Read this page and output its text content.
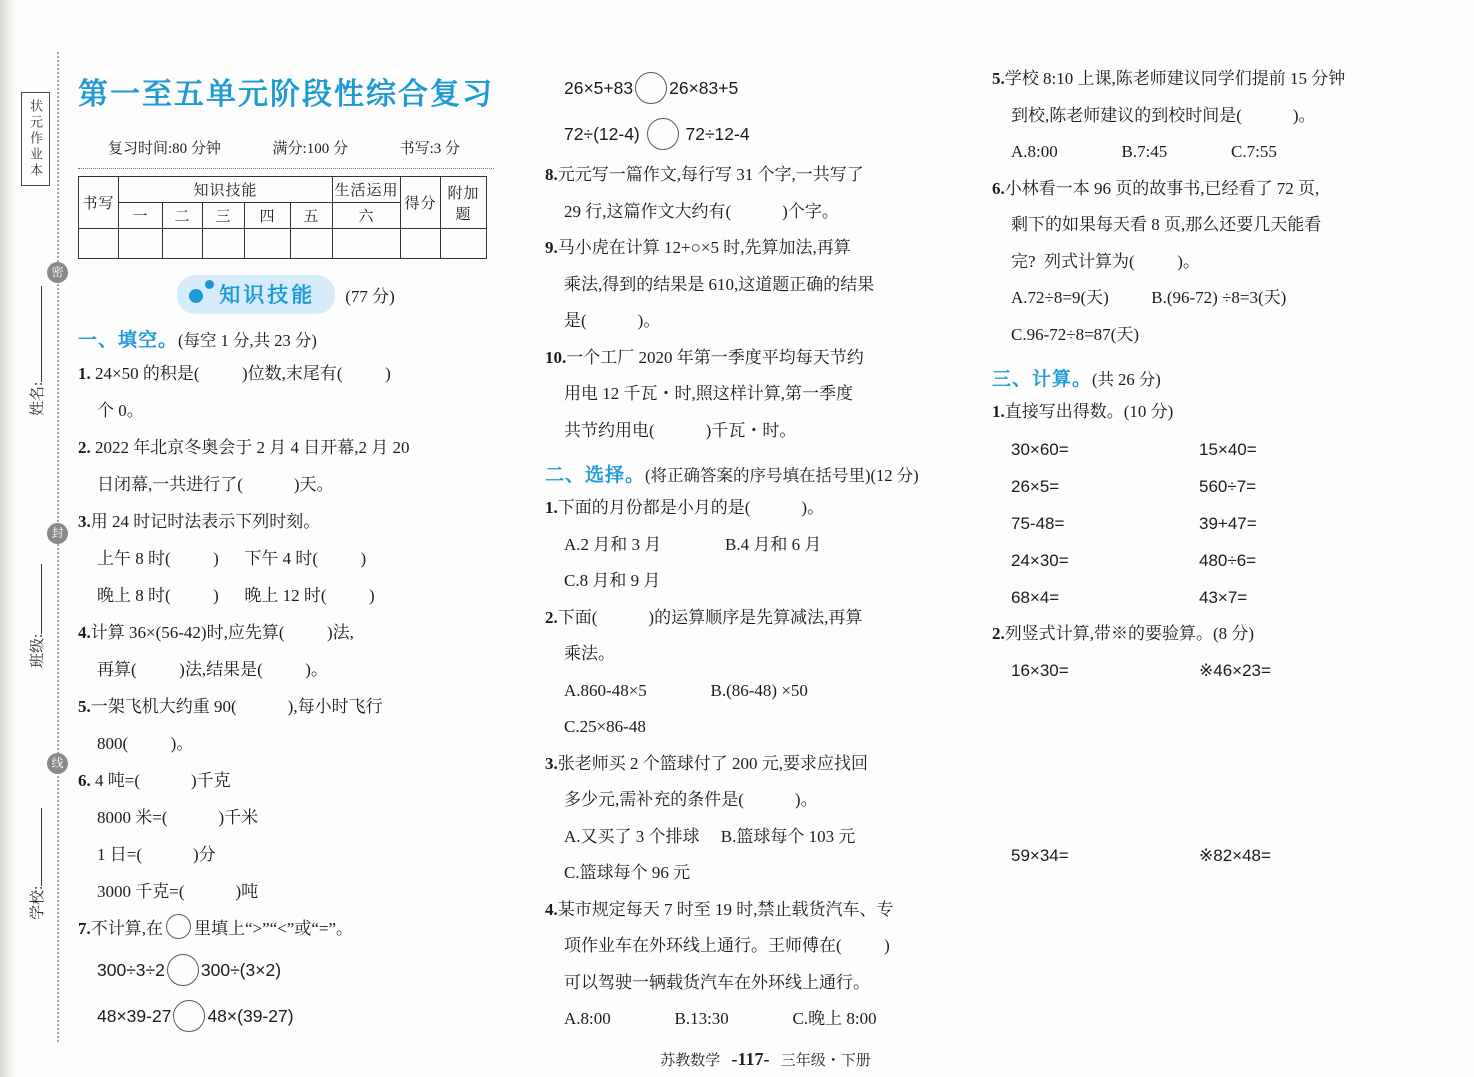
状元作业本
密
封
线
姓名:
班级:
学校:
第一至五单元阶段性综合复习
复习时间:80 分钟	满分:100 分	书写:3 分
书写	知识技能					生活运用	得分	附加题
	一	二	三	四	五	六		

知识技能	(77 分)
一、填空。(每空 1 分,共 23 分)
1. 24×50 的积是(          )位数,末尾有(          )
个 0。
2. 2022 年北京冬奥会于 2 月 4 日开幕,2 月 20
日闭幕,一共进行了(            )天。
3.用 24 时记时法表示下列时刻。
上午 8 时(          )      下午 4 时(          )
晚上 8 时(          )      晚上 12 时(          )
4.计算 36×(56-42)时,应先算(          )法,
再算(          )法,结果是(          )。
5.一架飞机大约重 90(            ),每小时飞行
800(          )。
6. 4 吨=(            )千克
8000 米=(            )千米
1 日=(            )分
3000 千克=(            )吨
7.不计算,在 里填上“>”“<”或“=”。
300÷3÷2 300÷(3×2)
48×39-27 48×(39-27)
26×5+83 26×83+5
72÷(12-4) 72÷12-4
8.元元写一篇作文,每行写 31 个字,一共写了
29 行,这篇作文大约有(            )个字。
9.马小虎在计算 12+○×5 时,先算加法,再算
乘法,得到的结果是 610,这道题正确的结果
是(            )。
10.一个工厂 2020 年第一季度平均每天节约
用电 12 千瓦・时,照这样计算,第一季度
共节约用电(            )千瓦・时。
二、选择。(将正确答案的序号填在括号里)(12 分)
1.下面的月份都是小月的是(            )。
A.2 月和 3 月               B.4 月和 6 月
C.8 月和 9 月
2.下面(            )的运算顺序是先算减法,再算
乘法。
A.860-48×5               B.(86-48) ×50
C.25×86-48
3.张老师买 2 个篮球付了 200 元,要求应找回
多少元,需补充的条件是(            )。
A.又买了 3 个排球     B.篮球每个 103 元
C.篮球每个 96 元
4.某市规定每天 7 时至 19 时,禁止载货汽车、专
项作业车在外环线上通行。王师傅在(          )
可以驾驶一辆载货汽车在外环线上通行。
A.8:00               B.13:30               C.晚上 8:00
5.学校 8:10 上课,陈老师建议同学们提前 15 分钟
到校,陈老师建议的到校时间是(            )。
A.8:00               B.7:45               C.7:55
6.小林看一本 96 页的故事书,已经看了 72 页,
剩下的如果每天看 8 页,那么还要几天能看
完?  列式计算为(          )。
A.72÷8=9(天)          B.(96-72) ÷8=3(天)
C.96-72÷8=87(天)
三、计算。(共 26 分)
1.直接写出得数。(10 分)
30×60=	15×40=
26×5=	560÷7=
75-48=	39+47=
24×30=	480÷6=
68×4=	43×7=
2.列竖式计算,带※的要验算。(8 分)
16×30=	※46×23=
59×34=	※82×48=

苏教数学 -117- 三年级・下册
